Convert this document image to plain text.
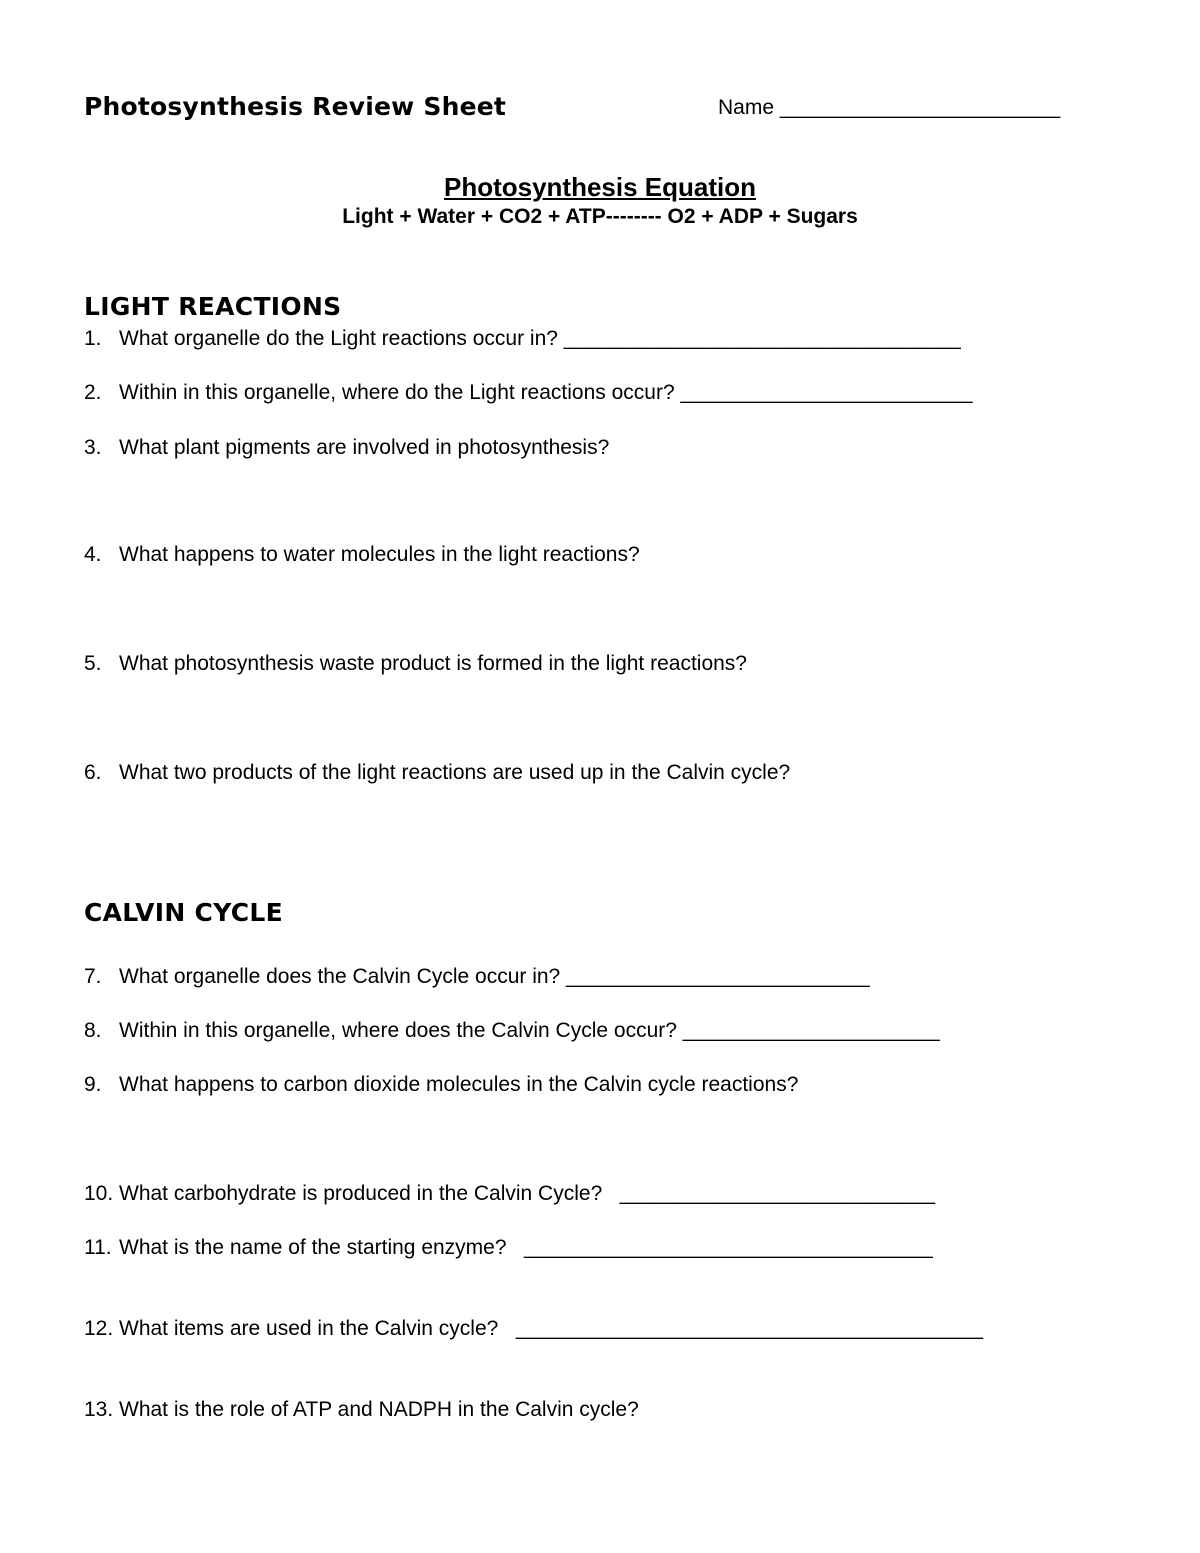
Photosynthesis Review Sheet	Name ________________________
Photosynthesis Equation
Light + Water + CO2 + ATP-------- O2 + ADP + Sugars
LIGHT REACTIONS
1. What organelle do the Light reactions occur in? __________________________________
2. Within in this organelle, where do the Light reactions occur? _________________________
3. What plant pigments are involved in photosynthesis?
4. What happens to water molecules in the light reactions?
5. What photosynthesis waste product is formed in the light reactions?
6. What two products of the light reactions are used up in the Calvin cycle?
CALVIN CYCLE
7. What organelle does the Calvin Cycle occur in? __________________________
8. Within in this organelle, where does the Calvin Cycle occur? ______________________
9. What happens to carbon dioxide molecules in the Calvin cycle reactions?
10. What carbohydrate is produced in the Calvin Cycle?   ___________________________
11. What is the name of the starting enzyme?   ___________________________________
12. What items are used in the Calvin cycle?   ________________________________________
13. What is the role of ATP and NADPH in the Calvin cycle?
